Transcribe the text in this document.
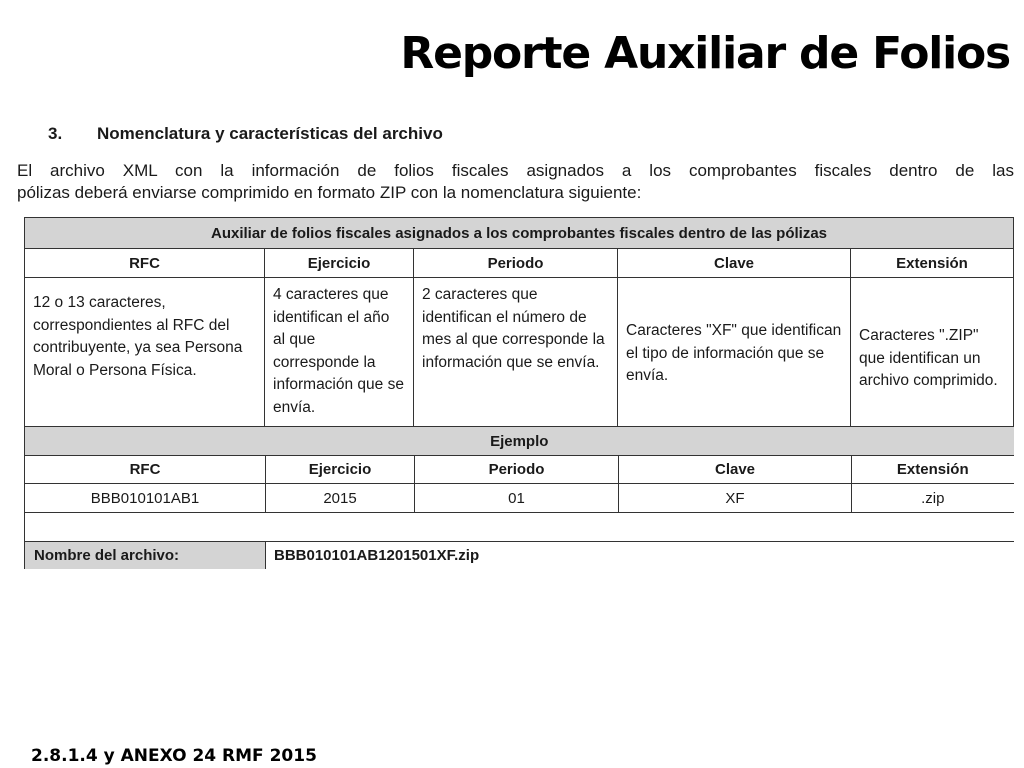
Reporte Auxiliar de Folios
3. Nomenclatura y características del archivo
El archivo XML con la información de folios fiscales asignados a los comprobantes fiscales dentro de las
pólizas deberá enviarse comprimido en formato ZIP con la nomenclatura siguiente:
Auxiliar de folios fiscales asignados a los comprobantes fiscales dentro de las pólizas				
RFC	Ejercicio	Periodo	Clave	Extensión
12 o 13 caracteres, correspondientes al RFC del contribuyente, ya sea Persona Moral o Persona Física.	4 caracteres que identifican el año al que corresponde la información que se envía.	2 caracteres que identifican el número de mes al que corresponde la información que se envía.	Caracteres "XF" que identifican el tipo de información que se envía.	Caracteres ".ZIP" que identifican un archivo comprimido.
Ejemplo				
RFC	Ejercicio	Periodo	Clave	Extensión
BBB010101AB1	2015	01	XF	.zip

Nombre del archivo:	BBB010101AB1201501XF.zip			
2.8.1.4 y ANEXO 24 RMF 2015
